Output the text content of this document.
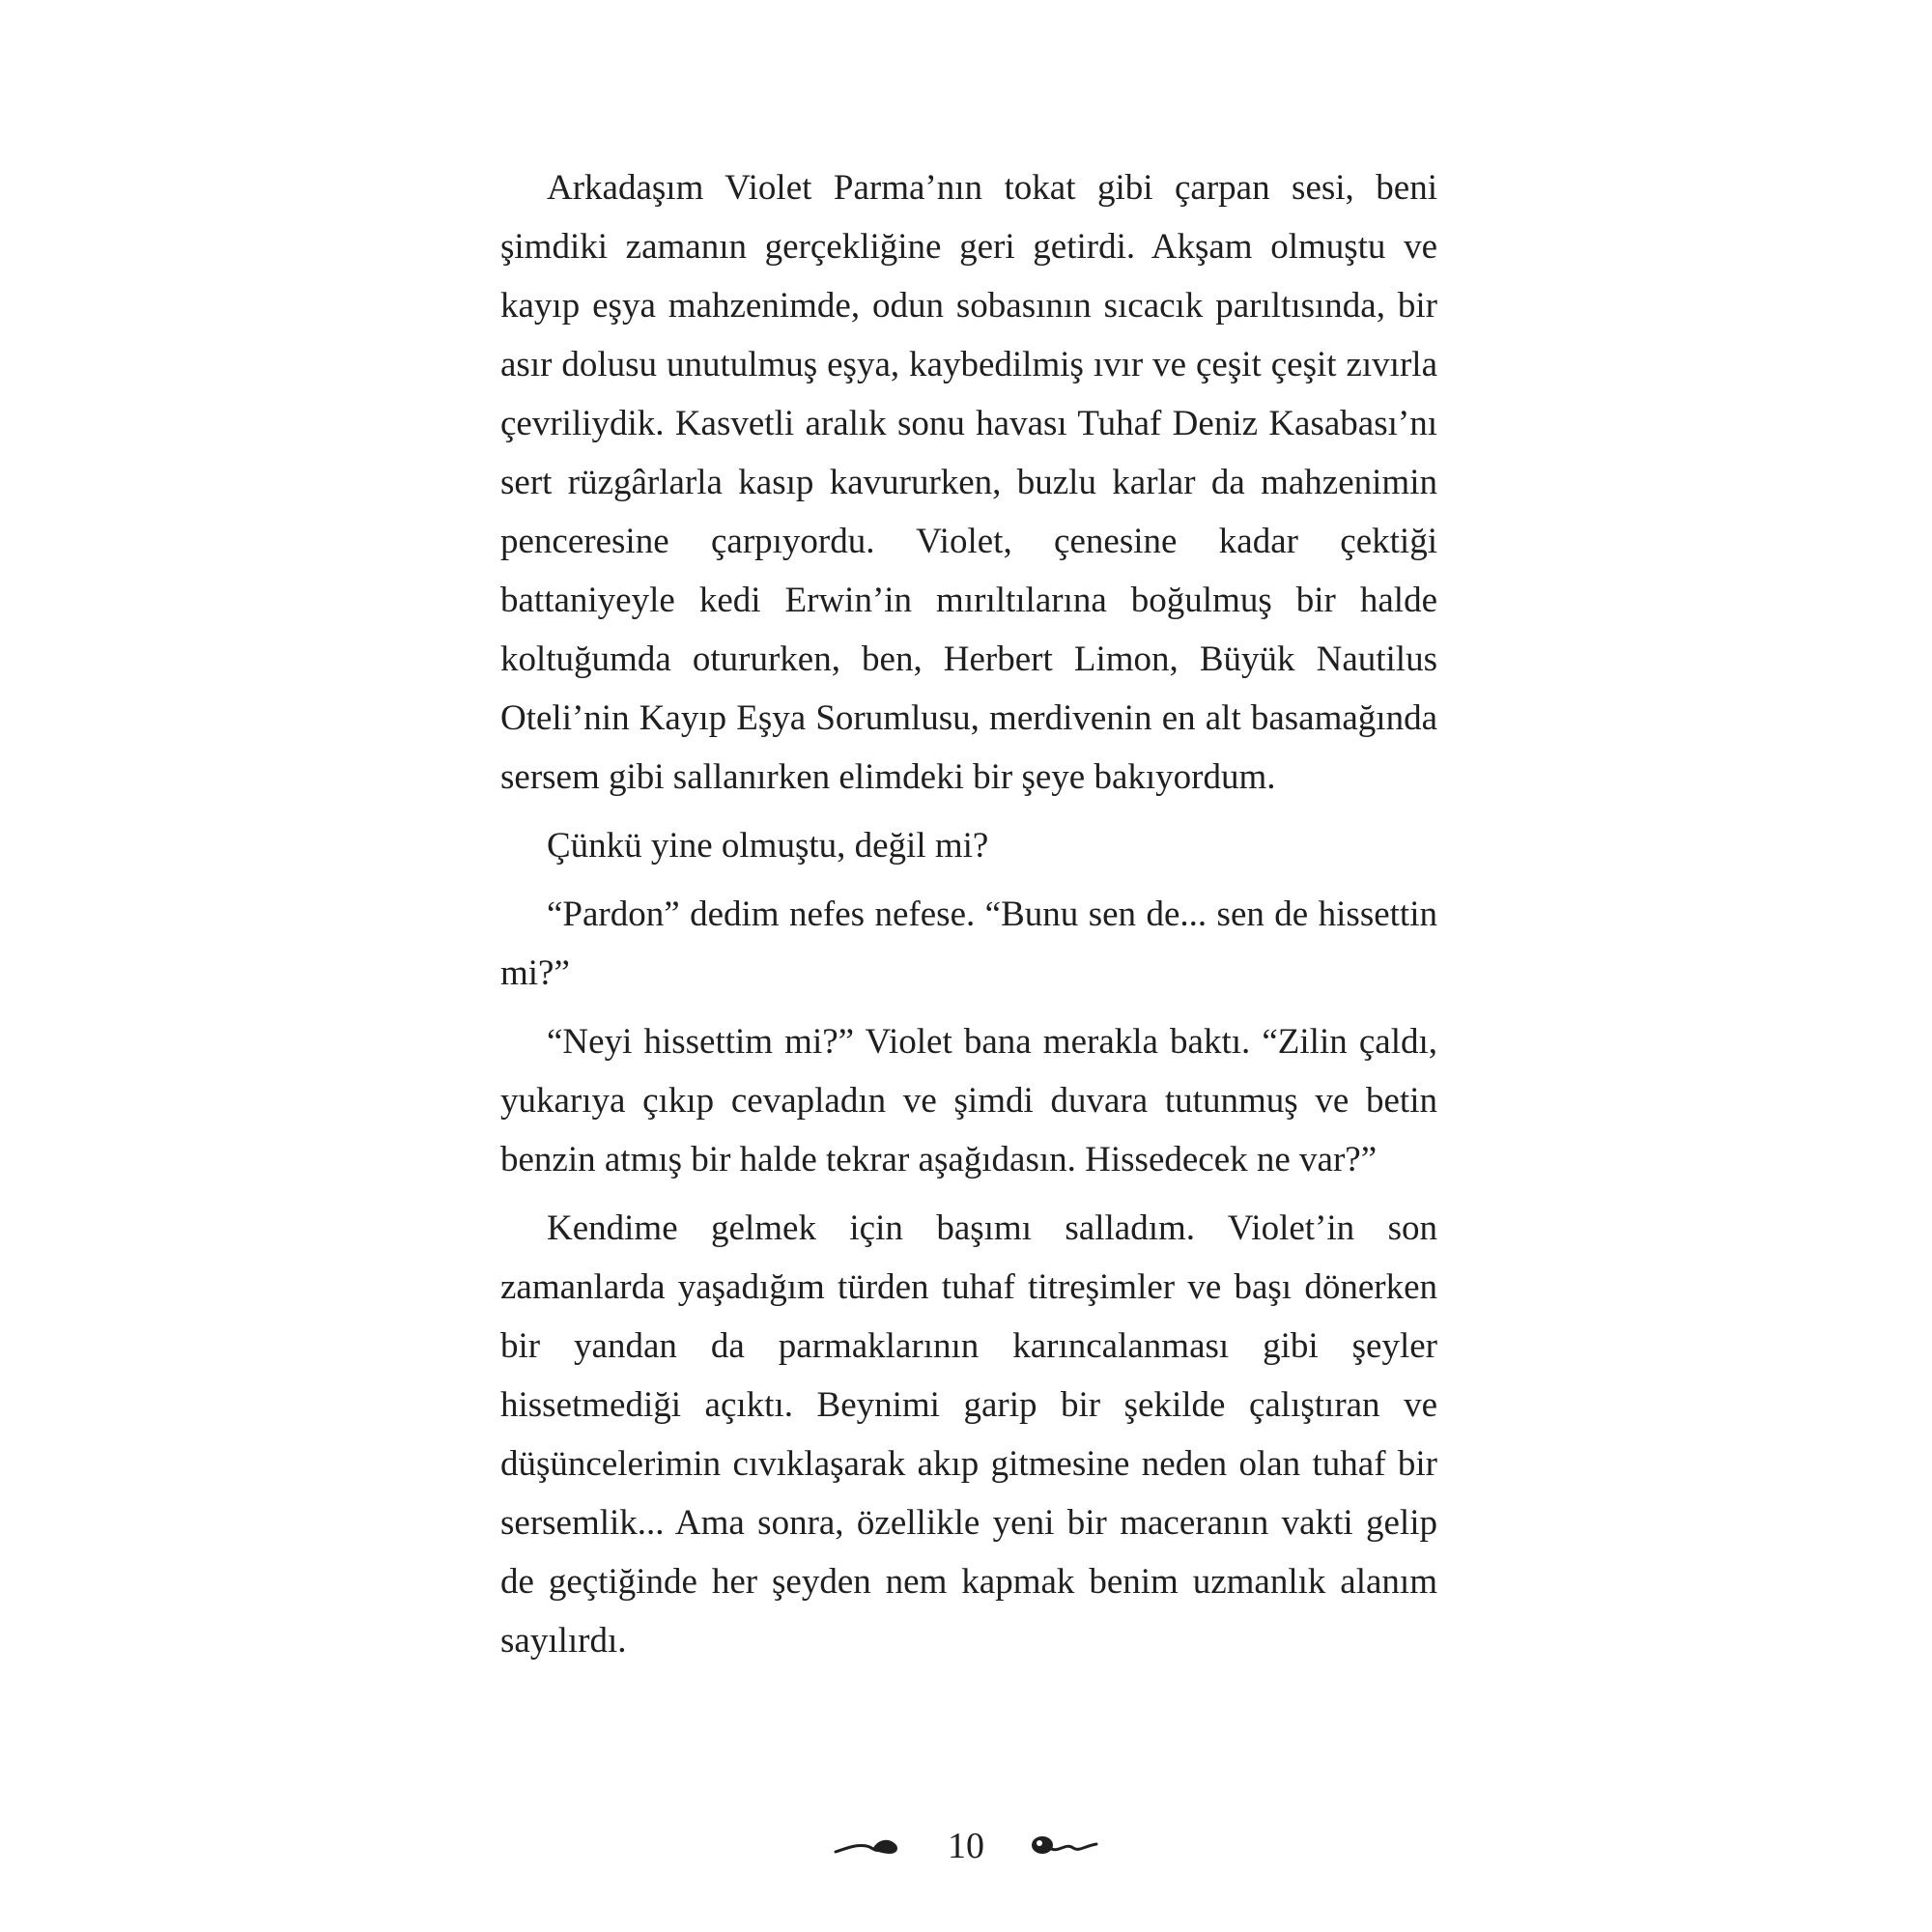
Arkadaşım Violet Parma’nın tokat gibi çarpan sesi, beni şimdiki zamanın gerçekliğine geri getirdi. Akşam olmuştu ve kayıp eşya mahzenimde, odun sobasının sıcacık parıltısında, bir asır dolusu unutulmuş eşya, kaybedilmiş ıvır ve çeşit çeşit zıvırla çevriliydik. Kasvetli aralık sonu havası Tuhaf Deniz Kasabası’nı sert rüzgârlarla kasıp kavururken, buzlu karlar da mahzenimin penceresine çarpıyordu. Violet, çenesine kadar çektiği battaniyeyle kedi Erwin’in mırıltılarına boğulmuş bir halde koltuğumda otururken, ben, Herbert Limon, Büyük Nautilus Oteli’nin Kayıp Eşya Sorumlusu, merdivenin en alt basamağında sersem gibi sallanırken elimdeki bir şeye bakıyordum.

Çünkü yine olmuştu, değil mi?

“Pardon” dedim nefes nefese. “Bunu sen de... sen de hissettin mi?”

“Neyi hissettim mi?” Violet bana merakla baktı. “Zilin çaldı, yukarıya çıkıp cevapladın ve şimdi duvara tutunmuş ve betin benzin atmış bir halde tekrar aşağıdasın. Hissedecek ne var?”

Kendime gelmek için başımı salladım. Violet’in son zamanlarda yaşadığım türden tuhaf titreşimler ve başı dönerken bir yandan da parmaklarının karıncalanması gibi şeyler hissetmediği açıktı. Beynimi garip bir şekilde çalıştıran ve düşüncelerimin cıvıklaşarak akıp gitmesine neden olan tuhaf bir sersemlik... Ama sonra, özellikle yeni bir maceranın vakti gelip de geçtiğinde her şeyden nem kapmak benim uzmanlık alanım sayılırdı.

10
